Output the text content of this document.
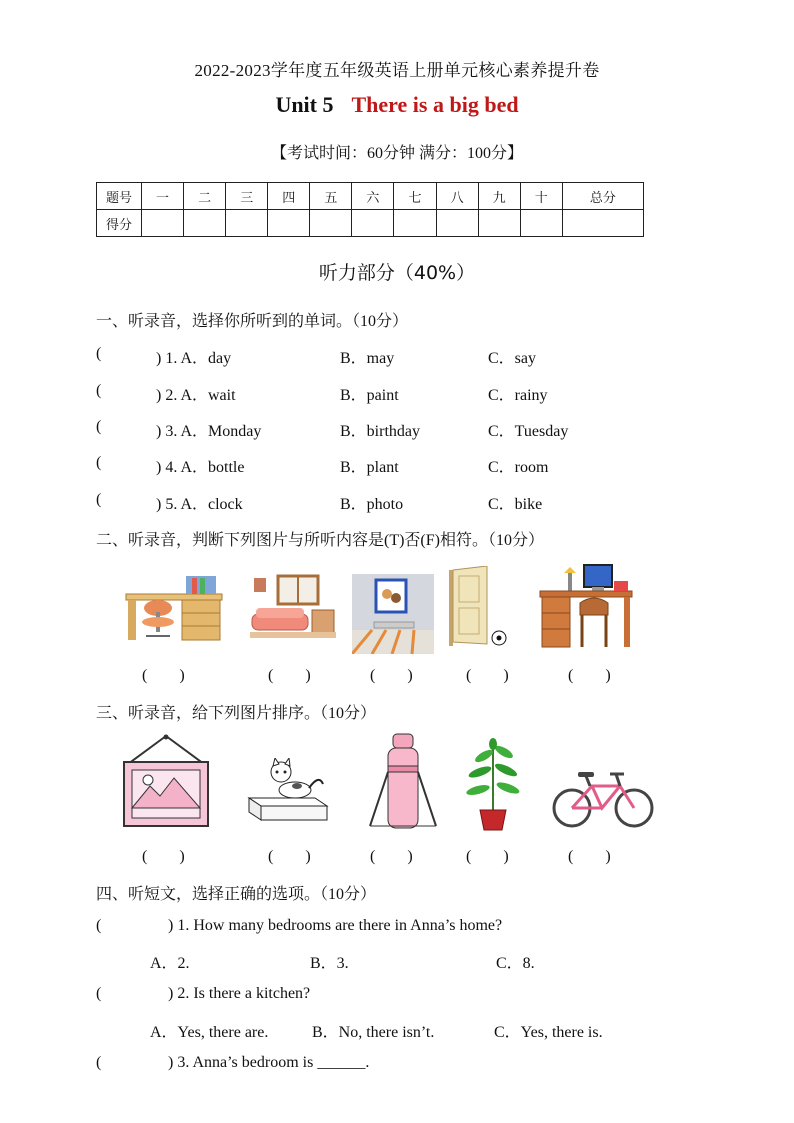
2022-2023学年度五年级英语上册单元核心素养提升卷
Unit 5 There is a big bed
【考试时间：60分钟 满分：100分】
题号	一	二	三	四	五	六	七	八	九	十	总分
得分											
听力部分（40%）
一、听录音，选择你所听到的单词。（10分）
(	) 1. A．day	B．may	C．say
(	) 2. A．wait	B．paint	C．rainy
(	) 3. A．Monday	B．birthday	C．Tuesday
(	) 4. A．bottle	B．plant	C．room
(	) 5. A．clock	B．photo	C．bike
二、听录音，判断下列图片与所听内容是(T)否(F)相符。（10分）
(        )	(        )	(        )	(        )	(        )
三、听录音，给下列图片排序。（10分）
(        )	(        )	(        )	(        )	(        )
四、听短文，选择正确的选项。（10分）
(	) 1. How many bedrooms are there in Anna’s home?
A．2.	B．3.	C．8.
(	) 2. Is there a kitchen?
A．Yes, there are.	B．No, there isn’t.	C．Yes, there is.
(	) 3. Anna’s bedroom is ______.
